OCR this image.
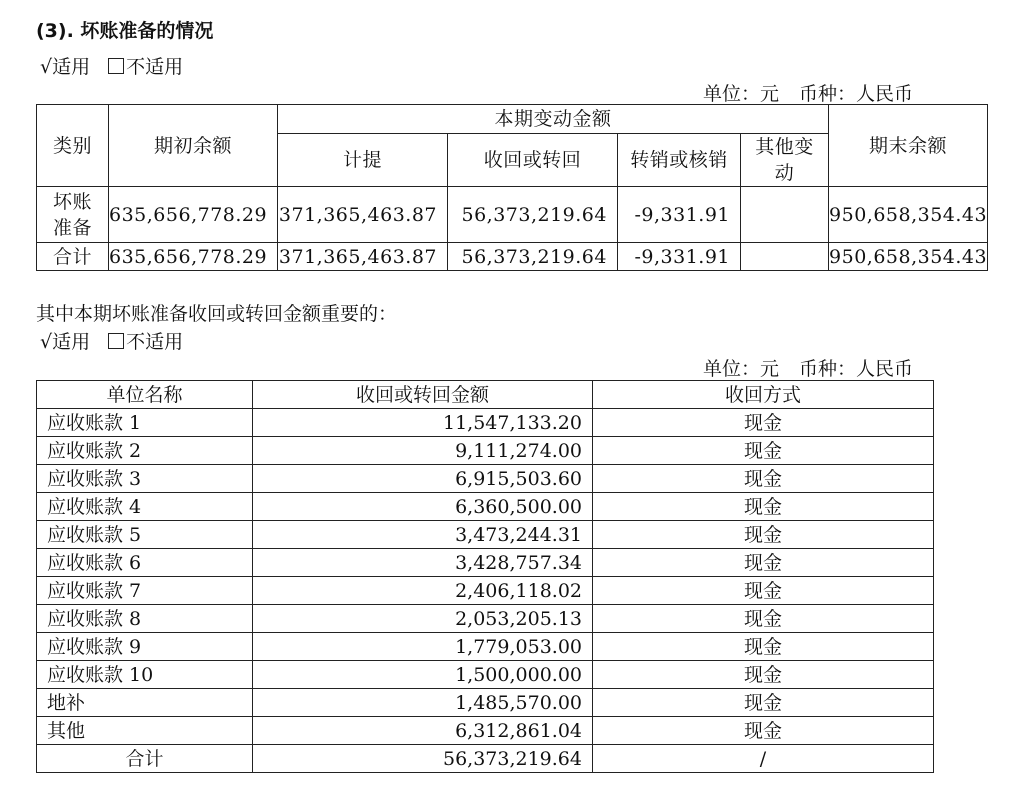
(3). 坏账准备的情况
√适用 不适用
单位：元 币种：人民币
类别	期初余额	本期变动金额				期末余额
		计提	收回或转回	转销或核销	其他变动	
坏账准备	635,656,778.29	371,365,463.87	56,373,219.64	-9,331.91		950,658,354.43
合计	635,656,778.29	371,365,463.87	56,373,219.64	-9,331.91		950,658,354.43
其中本期坏账准备收回或转回金额重要的：
√适用 不适用
单位：元 币种：人民币
单位名称	收回或转回金额	收回方式
应收账款 1	11,547,133.20	现金
应收账款 2	9,111,274.00	现金
应收账款 3	6,915,503.60	现金
应收账款 4	6,360,500.00	现金
应收账款 5	3,473,244.31	现金
应收账款 6	3,428,757.34	现金
应收账款 7	2,406,118.02	现金
应收账款 8	2,053,205.13	现金
应收账款 9	1,779,053.00	现金
应收账款 10	1,500,000.00	现金
地补	1,485,570.00	现金
其他	6,312,861.04	现金
合计	56,373,219.64	/
